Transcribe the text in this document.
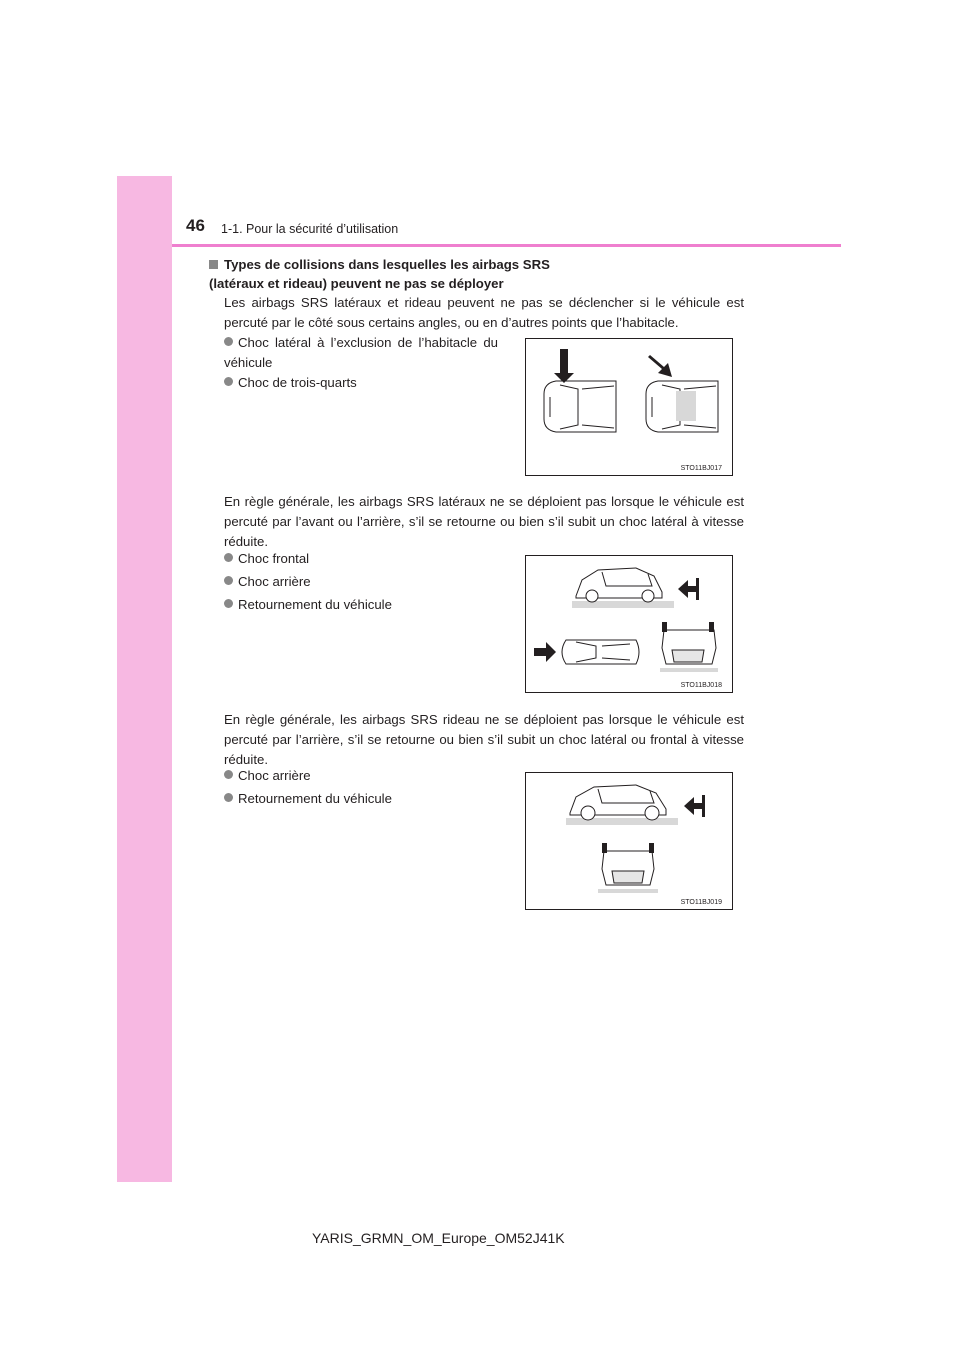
46 1-1. Pour la sécurité d’utilisation
Types de collisions dans lesquelles les airbags SRS
(latéraux et rideau) peuvent ne pas se déployer
Les airbags SRS latéraux et rideau peuvent ne pas se déclencher si le véhicule est percuté par le côté sous certains angles, ou en d’autres points que l’habitacle.
Choc latéral à l’exclusion de l’habitacle du véhicule
Choc de trois-quarts
STO11BJ017
En règle générale, les airbags SRS latéraux ne se déploient pas lorsque le véhicule est percuté par l’avant ou l’arrière, s’il se retourne ou bien s’il subit un choc latéral à vitesse réduite.
Choc frontal
Choc arrière
Retournement du véhicule
STO11BJ018
En règle générale, les airbags SRS rideau ne se déploient pas lorsque le véhicule est percuté par l’arrière, s’il se retourne ou bien s’il subit un choc latéral ou frontal à vitesse réduite.
Choc arrière
Retournement du véhicule
STO11BJ019
YARIS_GRMN_OM_Europe_OM52J41K
